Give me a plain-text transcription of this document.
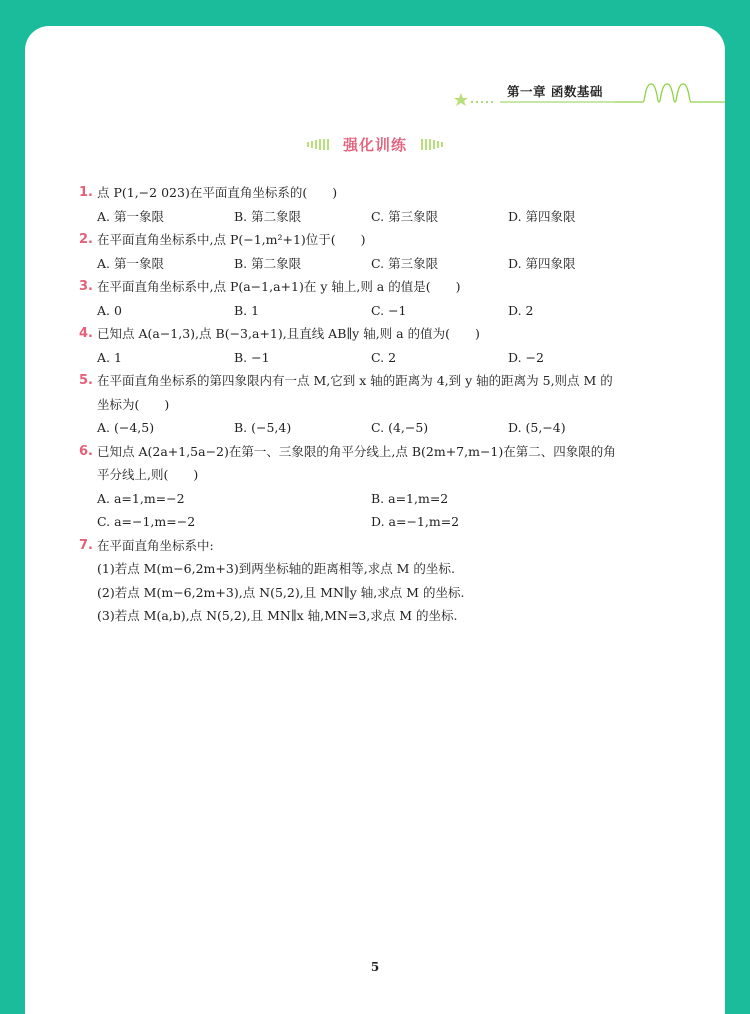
第一章 函数基础
强化训练
1. 点 P(1,−2 023)在平面直角坐标系的(　　)
A. 第一象限	B. 第二象限	C. 第三象限	D. 第四象限
2. 在平面直角坐标系中,点 P(−1,m²+1)位于(　　)
A. 第一象限	B. 第二象限	C. 第三象限	D. 第四象限
3. 在平面直角坐标系中,点 P(a−1,a+1)在 y 轴上,则 a 的值是(　　)
A. 0	B. 1	C. −1	D. 2
4. 已知点 A(a−1,3),点 B(−3,a+1),且直线 AB∥y 轴,则 a 的值为(　　)
A. 1	B. −1	C. 2	D. −2
5. 在平面直角坐标系的第四象限内有一点 M,它到 x 轴的距离为 4,到 y 轴的距离为 5,则点 M 的
坐标为(　　)
A. (−4,5)	B. (−5,4)	C. (4,−5)	D. (5,−4)
6. 已知点 A(2a+1,5a−2)在第一、三象限的角平分线上,点 B(2m+7,m−1)在第二、四象限的角
平分线上,则(　　)
A. a=1,m=−2	B. a=1,m=2
C. a=−1,m=−2	D. a=−1,m=2
7. 在平面直角坐标系中:
(1)若点 M(m−6,2m+3)到两坐标轴的距离相等,求点 M 的坐标.
(2)若点 M(m−6,2m+3),点 N(5,2),且 MN∥y 轴,求点 M 的坐标.
(3)若点 M(a,b),点 N(5,2),且 MN∥x 轴,MN=3,求点 M 的坐标.
5
